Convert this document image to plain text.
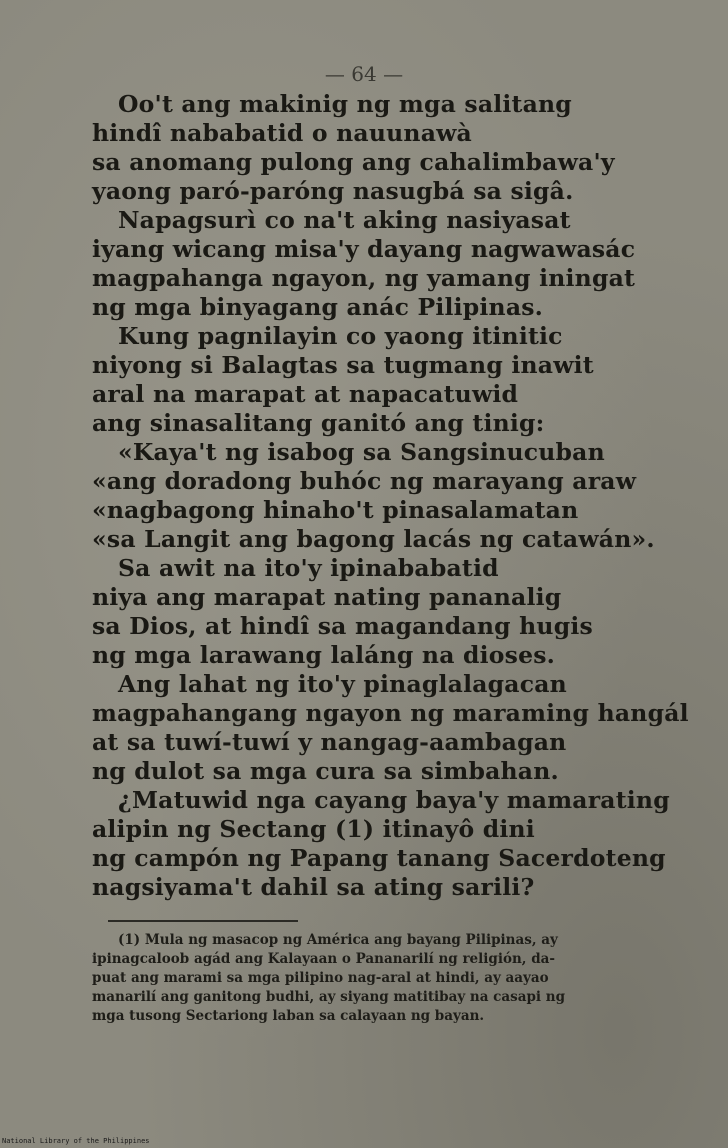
— 64 —
Oo't ang makinig ng mga salitang
hindî nababatid o nauunawà
sa anomang pulong ang cahalimbawa'y
yaong paró-paróng nasugbá sa sigâ.
Napagsurì co na't aking nasiyasat
iyang wicang misa'y dayang nagwawasác
magpahanga ngayon, ng yamang iningat
ng mga binyagang anác Pilipinas.
Kung pagnilayin co yaong itinitic
niyong si Balagtas sa tugmang inawit
aral na marapat at napacatuwid
ang sinasalitang ganitó ang tinig:
«Kaya't ng isabog sa Sangsinucuban
«ang doradong buhóc ng marayang araw
«nagbagong hinaho't pinasalamatan
«sa Langit ang bagong lacás ng catawán».
Sa awit na ito'y ipinababatid
niya ang marapat nating pananalig
sa Dios, at hindî sa magandang hugis
ng mga larawang laláng na dioses.
Ang lahat ng ito'y pinaglalagacan
magpahangang ngayon ng maraming hangál
at sa tuwí-tuwí y nangag-aambagan
ng dulot sa mga cura sa simbahan.
¿Matuwid nga cayang baya'y mamarating
alipin ng Sectang (1) itinayô dini
ng campón ng Papang tanang Sacerdoteng
nagsiyama't dahil sa ating sarili?
(1) Mula ng masacop ng América ang bayang Pilipinas, ay
ipinagcaloob agád ang Kalayaan o Pananarilí ng religión, da-
puat ang marami sa mga pilipino nag-aral at hindi, ay aayao
manarilí ang ganitong budhi, ay siyang matitibay na casapi ng
mga tusong Sectariong laban sa calayaan ng bayan.
National Library of the Philippines
